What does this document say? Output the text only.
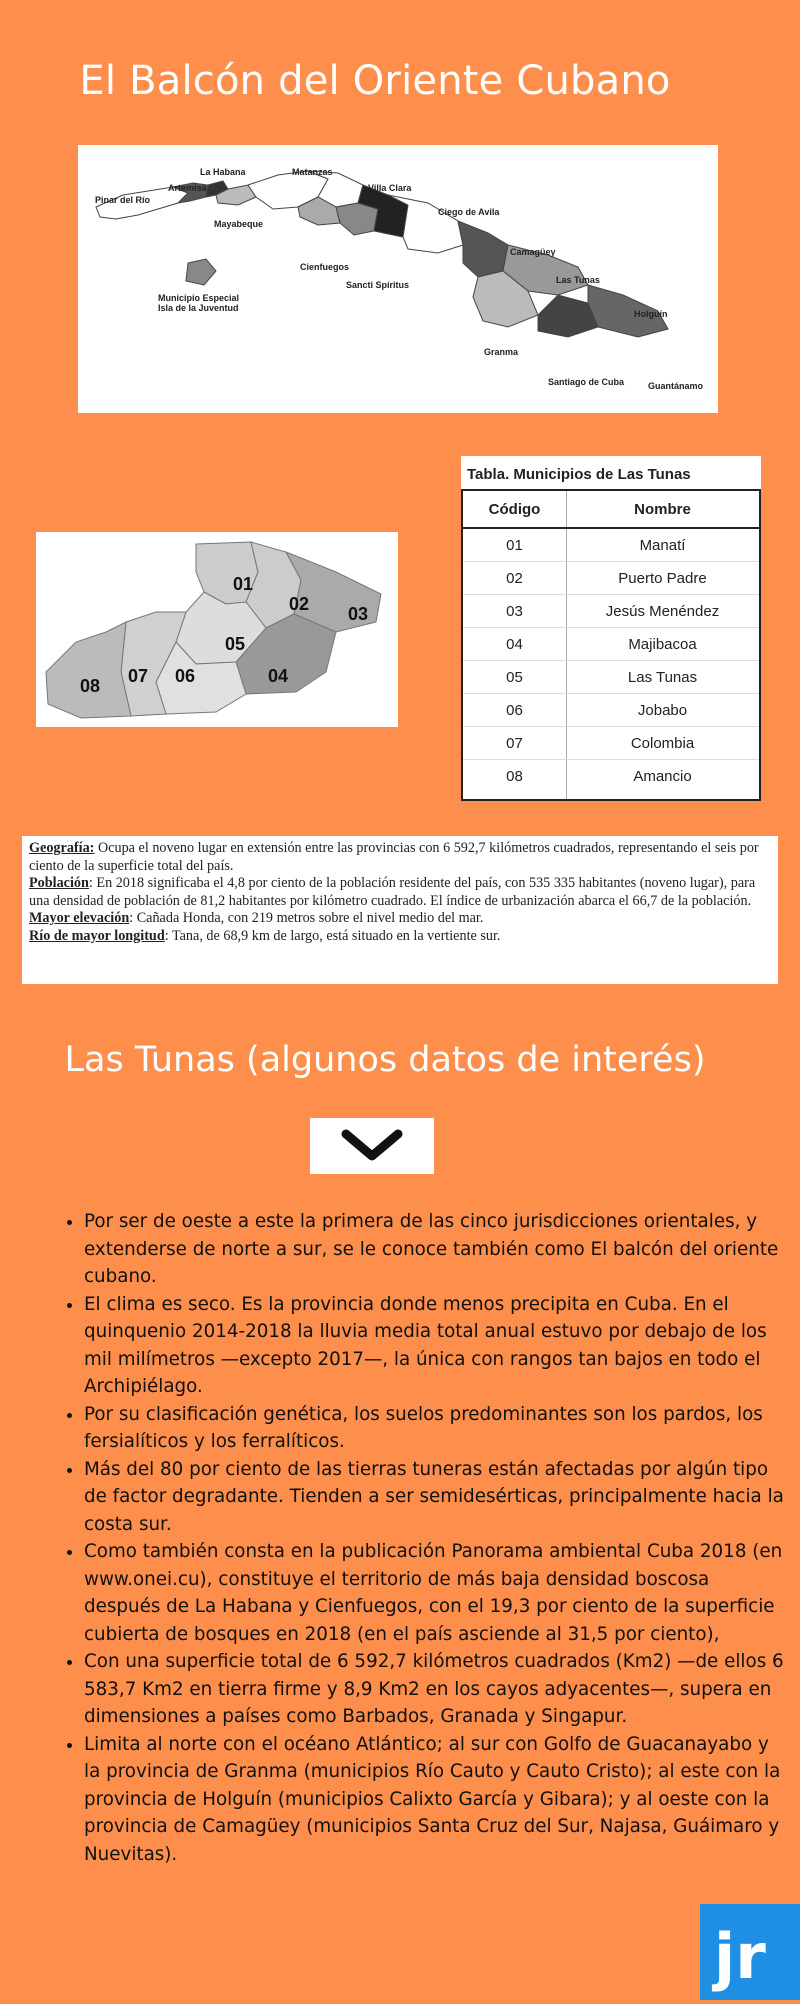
El Balcón del Oriente Cubano
Pinar del Río
Artemisa
La Habana
Mayabeque
Matanzas
Villa Clara
Cienfuegos
Sancti Spíritus
Ciego de Avila
Camagüey
Las Tunas
Holguín
Granma
Santiago de Cuba	Guantánamo
Municipio Especial
Isla de la Juventud
01
02 03
04
05
06
07
08
Tabla. Municipios de Las Tunas
Código	Nombre
01	Manatí
02	Puerto Padre
03	Jesús Menéndez
04	Majibacoa
05	Las Tunas
06	Jobabo
07	Colombia
08	Amancio

Geografía: Ocupa el noveno lugar en extensión entre las provincias con 6 592,7 kilómetros cuadrados, representando el seis por ciento de la superficie total del país.

Población: En 2018 significaba el 4,8 por ciento de la población residente del país, con 535 335 habitantes (noveno lugar), para una densidad de población de 81,2 habitantes por kilómetro cuadrado. El índice de urbanización abarca el 66,7 de la población.

Mayor elevación: Cañada Honda, con 219 metros sobre el nivel medio del mar.

Río de mayor longitud: Tana, de 68,9 km de largo, está situado en la vertiente sur.

Las Tunas (algunos datos de interés)
• Por ser de oeste a este la primera de las cinco jurisdicciones orientales, y extenderse de norte a sur, se le conoce también como El balcón del oriente cubano.
• El clima es seco. Es la provincia donde menos precipita en Cuba. En el quinquenio 2014-2018 la lluvia media total anual estuvo por debajo de los mil milímetros —excepto 2017—, la única con rangos tan bajos en todo el Archipiélago.
• Por su clasificación genética, los suelos predominantes son los pardos, los fersialíticos y los ferralíticos.
• Más del 80 por ciento de las tierras tuneras están afectadas por algún tipo de factor degradante. Tienden a ser semidesérticas, principalmente hacia la costa sur.
• Como también consta en la publicación Panorama ambiental Cuba 2018 (en www.onei.cu), constituye el territorio de más baja densidad boscosa después de La Habana y Cienfuegos, con el 19,3 por ciento de la superficie cubierta de bosques en 2018 (en el país asciende al 31,5 por ciento),
• Con una superficie total de 6 592,7 kilómetros cuadrados (Km2) —de ellos 6 583,7 Km2 en tierra firme y 8,9 Km2 en los cayos adyacentes—, supera en dimensiones a países como Barbados, Granada y Singapur.
• Limita al norte con el océano Atlántico; al sur con Golfo de Guacanayabo y la provincia de Granma (municipios Río Cauto y Cauto Cristo); al este con la provincia de Holguín (municipios Calixto García y Gibara); y al oeste con la provincia de Camagüey (municipios Santa Cruz del Sur, Najasa, Guáimaro y Nuevitas).
jr
